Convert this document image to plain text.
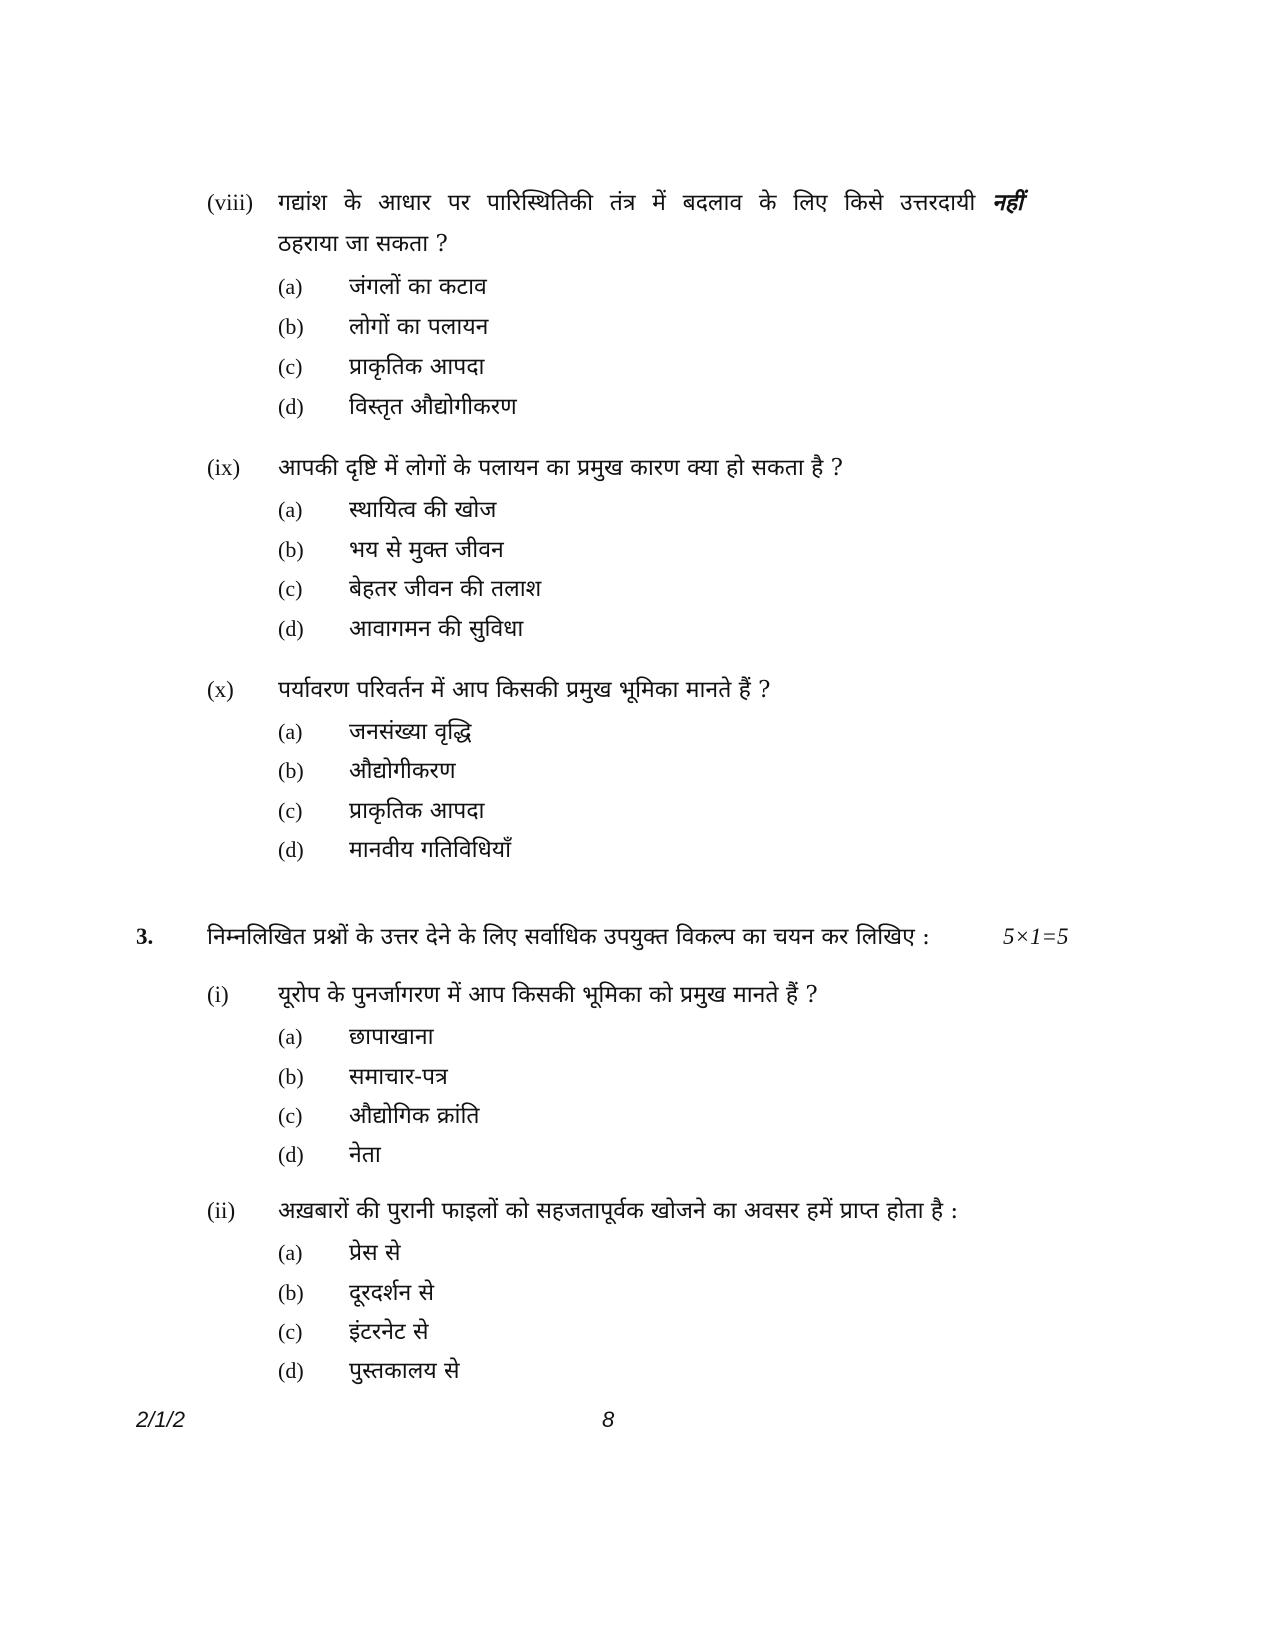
(viii) गद्यांश के आधार पर पारिस्थितिकी तंत्र में बदलाव के लिए किसे उत्तरदायी नहीं
ठहराया जा सकता ?
(a) जंगलों का कटाव
(b) लोगों का पलायन
(c) प्राकृतिक आपदा
(d) विस्तृत औद्योगीकरण
(ix) आपकी दृष्टि में लोगों के पलायन का प्रमुख कारण क्या हो सकता है ?
(a) स्थायित्व की खोज
(b) भय से मुक्त जीवन
(c) बेहतर जीवन की तलाश
(d) आवागमन की सुविधा
(x) पर्यावरण परिवर्तन में आप किसकी प्रमुख भूमिका मानते हैं ?
(a) जनसंख्या वृद्धि
(b) औद्योगीकरण
(c) प्राकृतिक आपदा
(d) मानवीय गतिविधियाँ
3. निम्नलिखित प्रश्नों के उत्तर देने के लिए सर्वाधिक उपयुक्त विकल्प का चयन कर लिखिए :	5×1=5
(i) यूरोप के पुनर्जागरण में आप किसकी भूमिका को प्रमुख मानते हैं ?
(a) छापाखाना
(b) समाचार-पत्र
(c) औद्योगिक क्रांति
(d) नेता
(ii) अख़बारों की पुरानी फाइलों को सहजतापूर्वक खोजने का अवसर हमें प्राप्त होता है :
(a) प्रेस से
(b) दूरदर्शन से
(c) इंटरनेट से
(d) पुस्तकालय से
2/1/2	8
